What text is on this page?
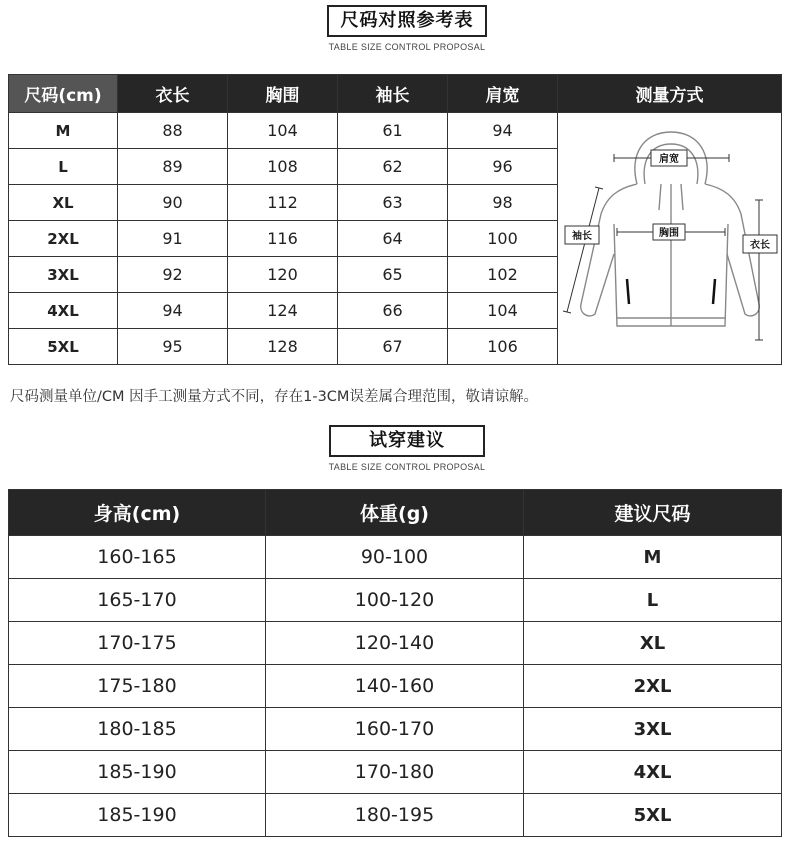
尺码对照参考表
TABLE SIZE CONTROL PROPOSAL
尺码(cm)	衣长	胸围	袖长	肩宽	测量方式
M	88	104	61	94	肩宽
胸围
袖长
衣长

L	89	108	62	96	
XL	90	112	63	98	
2XL	91	116	64	100	
3XL	92	120	65	102	
4XL	94	124	66	104	
5XL	95	128	67	106	
尺码测量单位/CM 因手工测量方式不同，存在1-3CM误差属合理范围，敬请谅解。
试穿建议
TABLE SIZE CONTROL PROPOSAL
身高(cm)	体重(g)	建议尺码
160-165	90-100	M
165-170	100-120	L
170-175	120-140	XL
175-180	140-160	2XL
180-185	160-170	3XL
185-190	170-180	4XL
185-190	180-195	5XL
